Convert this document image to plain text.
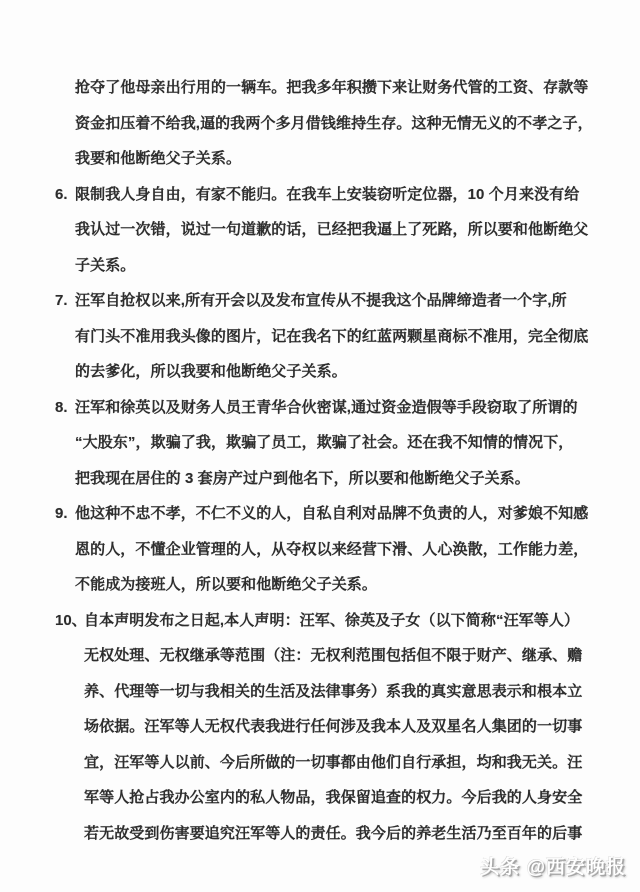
抢夺了他母亲出行用的一辆车。把我多年积攒下来让财务代管的工资、存款等
资金扣压着不给我,逼的我两个多月借钱维持生存。这种无情无义的不孝之子，
我要和他断绝父子关系。
6. 限制我人身自由，有家不能归。在我车上安装窃听定位器，10 个月来没有给
我认过一次错，说过一句道歉的话，已经把我逼上了死路，所以要和他断绝父
子关系。
7. 汪军自抢权以来,所有开会以及发布宣传从不提我这个品牌缔造者一个字,所
有门头不准用我头像的图片，记在我名下的红蓝两颗星商标不准用，完全彻底
的去爹化，所以我要和他断绝父子关系。
8. 汪军和徐英以及财务人员王青华合伙密谋,通过资金造假等手段窃取了所谓的
“大股东”，欺骗了我，欺骗了员工，欺骗了社会。还在我不知情的情况下，
把我现在居住的 3 套房产过户到他名下，所以要和他断绝父子关系。
9. 他这种不忠不孝，不仁不义的人，自私自利对品牌不负责的人，对爹娘不知感
恩的人，不懂企业管理的人，从夺权以来经营下滑、人心涣散，工作能力差，
不能成为接班人，所以要和他断绝父子关系。
10、
自本声明发布之日起,本人声明：汪军、徐英及子女（以下简称“汪军等人）
无权处理、无权继承等范围（注：无权利范围包括但不限于财产、继承、赡
养、代理等一切与我相关的生活及法律事务）系我的真实意思表示和根本立
场依据。汪军等人无权代表我进行任何涉及我本人及双星名人集团的一切事
宜，汪军等人以前、今后所做的一切事都由他们自行承担，均和我无关。汪
军等人抢占我办公室内的私人物品，我保留追查的权力。今后我的人身安全
若无故受到伤害要追究汪军等人的责任。我今后的养老生活乃至百年的后事
头条 @西安晚报
